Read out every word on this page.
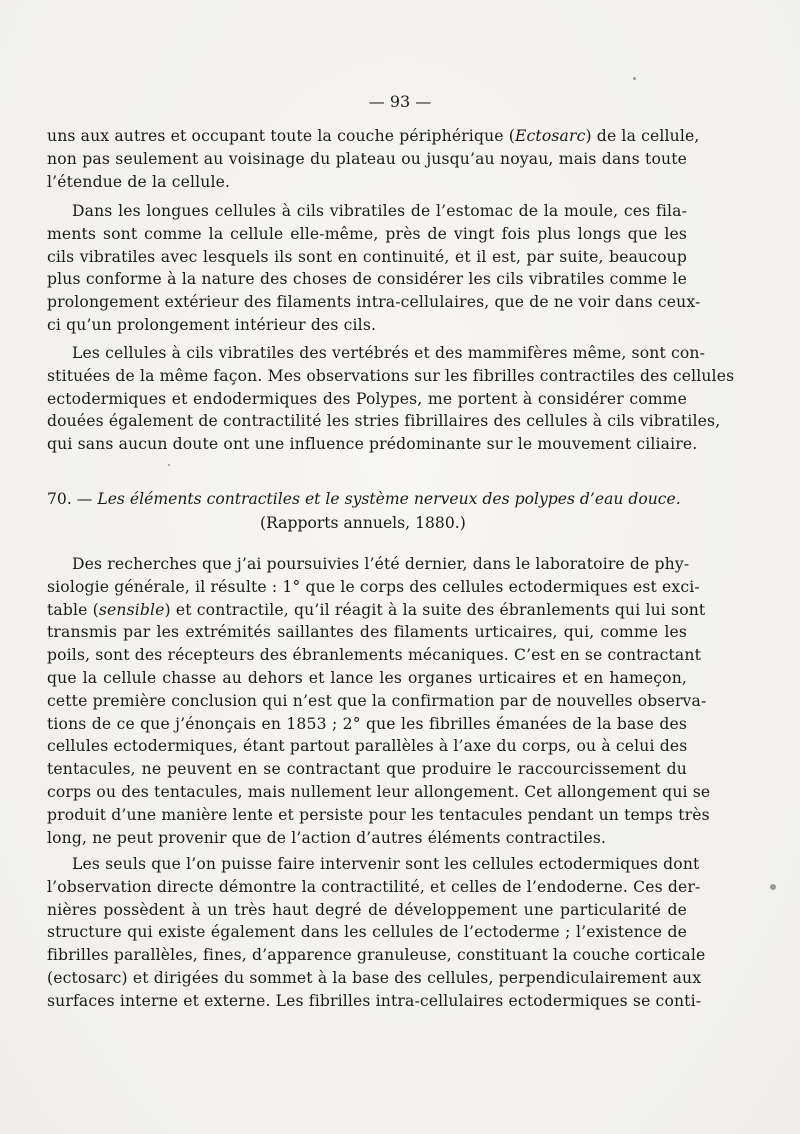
— 93 —
uns aux autres et occupant toute la couche périphérique (Ectosarc) de la cellule,
non pas seulement au voisinage du plateau ou jusqu’au noyau, mais dans toute
l’étendue de la cellule.
Dans les longues cellules à cils vibratiles de l’estomac de la moule, ces fila-
ments sont comme la cellule elle-même, près de vingt fois plus longs que les
cils vibratiles avec lesquels ils sont en continuité, et il est, par suite, beaucoup
plus conforme à la nature des choses de considérer les cils vibratiles comme le
prolongement extérieur des filaments intra-cellulaires, que de ne voir dans ceux-
ci qu’un prolongement intérieur des cils.
Les cellules à cils vibratiles des vertébrés et des mammifères même, sont con-
stituées de la même façon. Mes observations sur les fibrilles contractiles des cellules
ectodermiques et endodermiques des Polypes, me portent à considérer comme
douées également de contractilité les stries fibrillaires des cellules à cils vibratiles,
qui sans aucun doute ont une influence prédominante sur le mouvement ciliaire.
70. — Les éléments contractiles et le système nerveux des polypes d’eau douce.
(Rapports annuels, 1880.)
Des recherches que j’ai poursuivies l’été dernier, dans le laboratoire de phy-
siologie générale, il résulte : 1° que le corps des cellules ectodermiques est exci-
table (sensible) et contractile, qu’il réagit à la suite des ébranlements qui lui sont
transmis par les extrémités saillantes des filaments urticaires, qui, comme les
poils, sont des récepteurs des ébranlements mécaniques. C’est en se contractant
que la cellule chasse au dehors et lance les organes urticaires et en hameçon,
cette première conclusion qui n’est que la confirmation par de nouvelles observa-
tions de ce que j’énonçais en 1853 ; 2° que les fibrilles émanées de la base des
cellules ectodermiques, étant partout parallèles à l’axe du corps, ou à celui des
tentacules, ne peuvent en se contractant que produire le raccourcissement du
corps ou des tentacules, mais nullement leur allongement. Cet allongement qui se
produit d’une manière lente et persiste pour les tentacules pendant un temps très
long, ne peut provenir que de l’action d’autres éléments contractiles.
Les seuls que l’on puisse faire intervenir sont les cellules ectodermiques dont
l’observation directe démontre la contractilité, et celles de l’endoderne. Ces der-
nières possèdent à un très haut degré de développement une particularité de
structure qui existe également dans les cellules de l’ectoderme ; l’existence de
fibrilles parallèles, fines, d’apparence granuleuse, constituant la couche corticale
(ectosarc) et dirigées du sommet à la base des cellules, perpendiculairement aux
surfaces interne et externe. Les fibrilles intra-cellulaires ectodermiques se conti-
